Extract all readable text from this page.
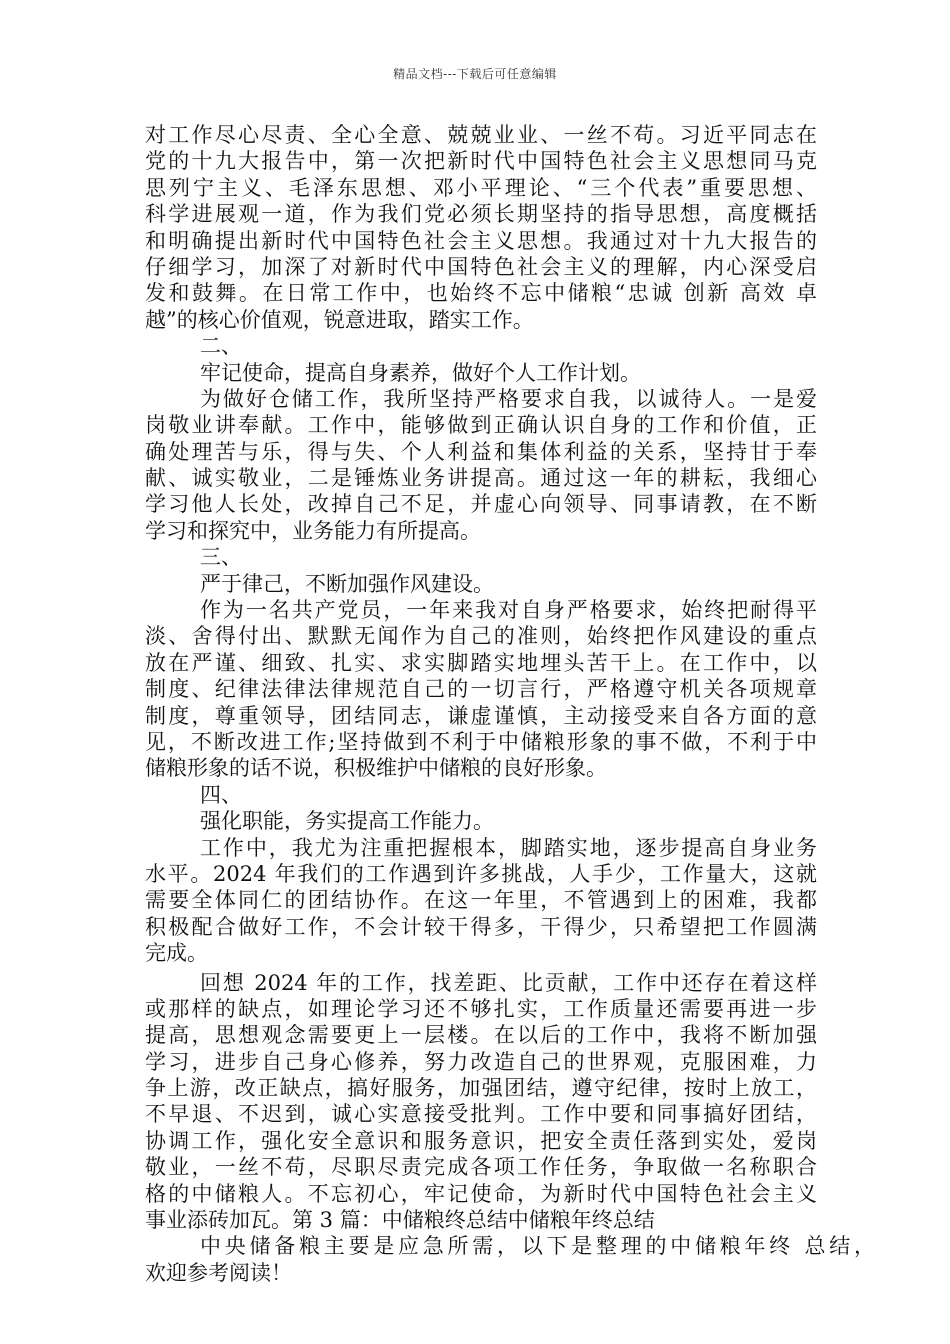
精品文档---下载后可任意编辑
对工作尽心尽责、全心全意、兢兢业业、一丝不苟。习近平同志在
党的十九大报告中，第一次把新时代中国特色社会主义思想同马克
思列宁主义、毛泽东思想、邓小平理论、“三个代表”重要思想、
科学进展观一道，作为我们党必须长期坚持的指导思想，高度概括
和明确提出新时代中国特色社会主义思想。我通过对十九大报告的
仔细学习，加深了对新时代中国特色社会主义的理解，内心深受启
发和鼓舞。在日常工作中，也始终不忘中储粮“忠诚 创新 高效 卓
越”的核心价值观，锐意进取，踏实工作。
二、
牢记使命，提高自身素养，做好个人工作计划。
为做好仓储工作，我所坚持严格要求自我，以诚待人。一是爱
岗敬业讲奉献。工作中，能够做到正确认识自身的工作和价值，正
确处理苦与乐，得与失、个人利益和集体利益的关系，坚持甘于奉
献、诚实敬业，二是锤炼业务讲提高。通过这一年的耕耘，我细心
学习他人长处，改掉自己不足，并虚心向领导、同事请教，在不断
学习和探究中，业务能力有所提高。
三、
严于律己，不断加强作风建设。
作为一名共产党员，一年来我对自身严格要求，始终把耐得平
淡、舍得付出、默默无闻作为自己的准则，始终把作风建设的重点
放在严谨、细致、扎实、求实脚踏实地埋头苦干上。在工作中，以
制度、纪律法律法律规范自己的一切言行，严格遵守机关各项规章
制度，尊重领导，团结同志，谦虚谨慎，主动接受来自各方面的意
见，不断改进工作;坚持做到不利于中储粮形象的事不做，不利于中
储粮形象的话不说，积极维护中储粮的良好形象。
四、
强化职能，务实提高工作能力。
工作中，我尤为注重把握根本，脚踏实地，逐步提高自身业务
水平。2024 年我们的工作遇到许多挑战，人手少，工作量大，这就
需要全体同仁的团结协作。在这一年里，不管遇到上的困难，我都
积极配合做好工作，不会计较干得多，干得少，只希望把工作圆满
完成。
回想 2024 年的工作，找差距、比贡献，工作中还存在着这样
或那样的缺点，如理论学习还不够扎实，工作质量还需要再进一步
提高，思想观念需要更上一层楼。在以后的工作中，我将不断加强
学习，进步自己身心修养，努力改造自己的世界观，克服困难，力
争上游，改正缺点，搞好服务，加强团结，遵守纪律，按时上放工，
不早退、不迟到，诚心实意接受批判。工作中要和同事搞好团结，
协调工作，强化安全意识和服务意识，把安全责任落到实处，爱岗
敬业，一丝不苟，尽职尽责完成各项工作任务，争取做一名称职合
格的中储粮人。不忘初心，牢记使命，为新时代中国特色社会主义
事业添砖加瓦。第 3 篇：中储粮终总结中储粮年终总结
中央储备粮主要是应急所需，以下是整理的中储粮年终 总结，
欢迎参考阅读！
